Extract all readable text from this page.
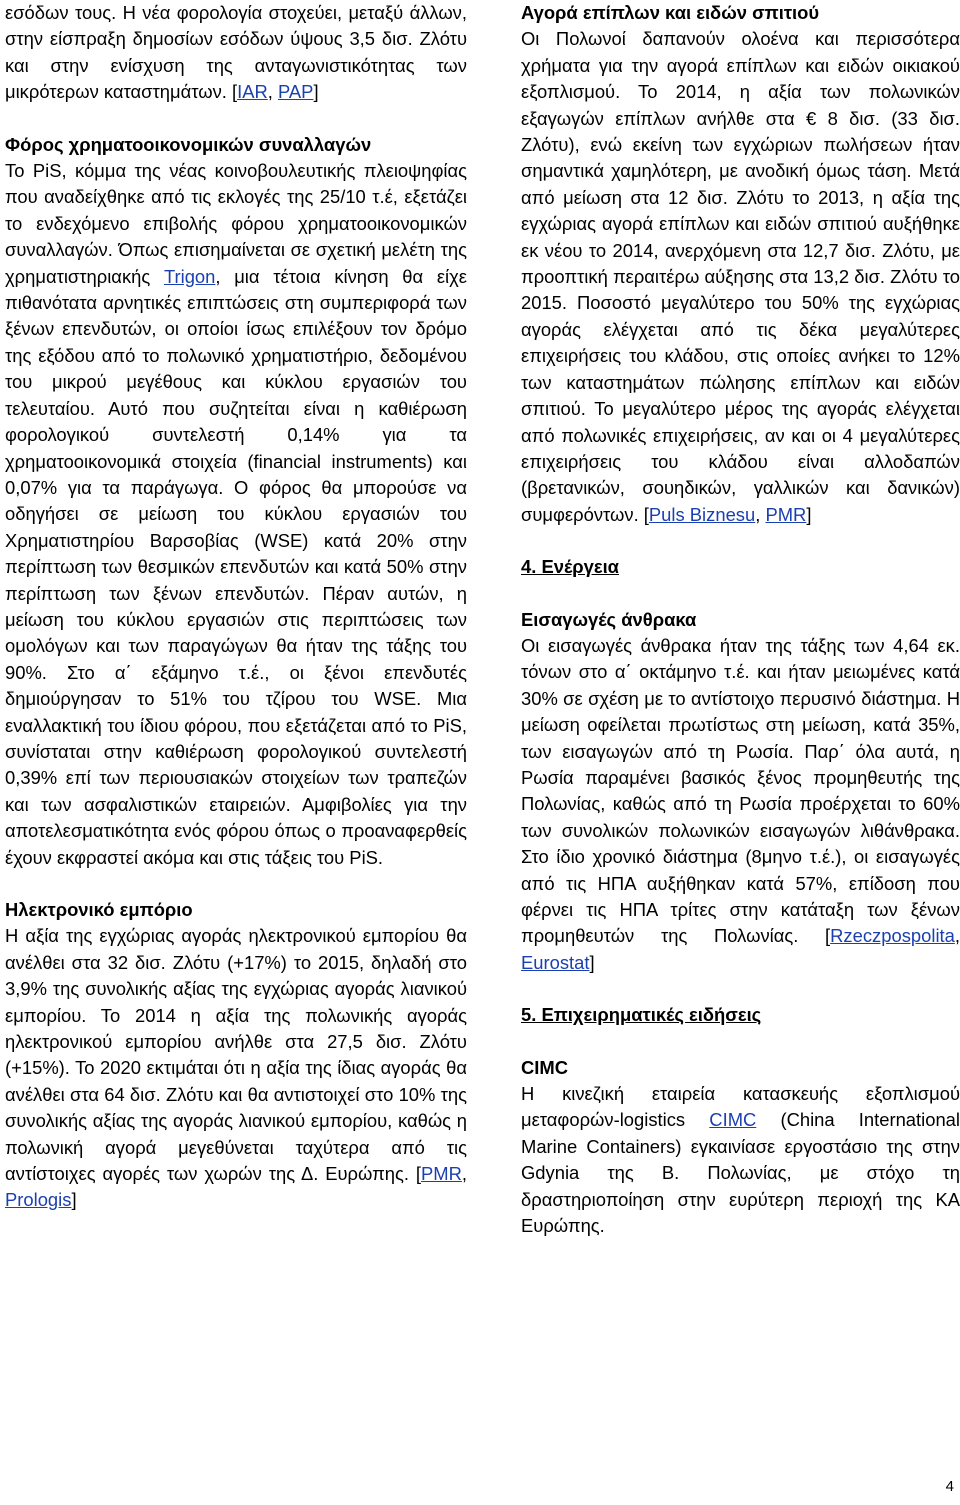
εσόδων τους. Η νέα φορολογία στοχεύει, μεταξύ άλλων, στην είσπραξη δημοσίων εσόδων ύψους 3,5 δισ. Ζλότυ και στην ενίσχυση της ανταγωνιστικότητας των μικρότερων καταστημάτων. [IAR, PAP]

Φόρος χρηματοοικονομικών συναλλαγών

Το PiS, κόμμα της νέας κοινοβουλευτικής πλειοψηφίας που αναδείχθηκε από τις εκλογές της 25/10 τ.έ, εξετάζει το ενδεχόμενο επιβολής φόρου χρηματοοικονομικών συναλλαγών. Όπως επισημαίνεται σε σχετική μελέτη της χρηματιστηριακής Trigon, μια τέτοια κίνηση θα είχε πιθανότατα αρνητικές επιπτώσεις στη συμπεριφορά των ξένων επενδυτών, οι οποίοι ίσως επιλέξουν τον δρόμο της εξόδου από το πολωνικό χρηματιστήριο, δεδομένου του μικρού μεγέθους και κύκλου εργασιών του τελευταίου. Αυτό που συζητείται είναι η καθιέρωση φορολογικού συντελεστή 0,14% για τα χρηματοοικονομικά στοιχεία (financial instruments) και 0,07% για τα παράγωγα. Ο φόρος θα μπορούσε να οδηγήσει σε μείωση του κύκλου εργασιών του Χρηματιστηρίου Βαρσοβίας (WSE) κατά 20% στην περίπτωση των θεσμικών επενδυτών και κατά 50% στην περίπτωση των ξένων επενδυτών. Πέραν αυτών, η μείωση του κύκλου εργασιών στις περιπτώσεις των ομολόγων και των παραγώγων θα ήταν της τάξης του 90%. Στο α΄ εξάμηνο τ.έ., οι ξένοι επενδυτές δημιούργησαν το 51% του τζίρου του WSE. Μια εναλλακτική του ίδιου φόρου, που εξετάζεται από το PiS, συνίσταται στην καθιέρωση φορολογικού συντελεστή 0,39% επί των περιουσιακών στοιχείων των τραπεζών και των ασφαλιστικών εταιρειών. Αμφιβολίες για την αποτελεσματικότητα ενός φόρου όπως ο προαναφερθείς έχουν εκφραστεί ακόμα και στις τάξεις του PiS.

Ηλεκτρονικό εμπόριο

Η αξία της εγχώριας αγοράς ηλεκτρονικού εμπορίου θα ανέλθει στα 32 δισ. Ζλότυ (+17%) το 2015, δηλαδή στο 3,9% της συνολικής αξίας της εγχώριας αγοράς λιανικού εμπορίου. Το 2014 η αξία της πολωνικής αγοράς ηλεκτρονικού εμπορίου ανήλθε στα 27,5 δισ. Ζλότυ (+15%). Το 2020 εκτιμάται ότι η αξία της ίδιας αγοράς θα ανέλθει στα 64 δισ. Ζλότυ και θα αντιστοιχεί στο 10% της συνολικής αξίας της αγοράς λιανικού εμπορίου, καθώς η πολωνική αγορά μεγεθύνεται ταχύτερα από τις αντίστοιχες αγορές των χωρών της Δ. Ευρώπης. [PMR, Prologis]

Αγορά επίπλων και ειδών σπιτιού

Οι Πολωνοί δαπανούν ολοένα και περισσότερα χρήματα για την αγορά επίπλων και ειδών οικιακού εξοπλισμού. Το 2014, η αξία των πολωνικών εξαγωγών επίπλων ανήλθε στα € 8 δισ. (33 δισ. Ζλότυ), ενώ εκείνη των εγχώριων πωλήσεων ήταν σημαντικά χαμηλότερη, με ανοδική όμως τάση. Μετά από μείωση στα 12 δισ. Ζλότυ το 2013, η αξία της εγχώριας αγορά επίπλων και ειδών σπιτιού αυξήθηκε εκ νέου το 2014, ανερχόμενη στα 12,7 δισ. Ζλότυ, με προοπτική περαιτέρω αύξησης στα 13,2 δισ. Ζλότυ το 2015. Ποσοστό μεγαλύτερο του 50% της εγχώριας αγοράς ελέγχεται από τις δέκα μεγαλύτερες επιχειρήσεις του κλάδου, στις οποίες ανήκει το 12% των καταστημάτων πώλησης επίπλων και ειδών σπιτιού. Το μεγαλύτερο μέρος της αγοράς ελέγχεται από πολωνικές επιχειρήσεις, αν και οι 4 μεγαλύτερες επιχειρήσεις του κλάδου είναι αλλοδαπών (βρετανικών, σουηδικών, γαλλικών και δανικών) συμφερόντων. [Puls Biznesu, PMR]

4. Ενέργεια
Εισαγωγές άνθρακα

Οι εισαγωγές άνθρακα ήταν της τάξης των 4,64 εκ. τόνων στο α΄ οκτάμηνο τ.έ. και ήταν μειωμένες κατά 30% σε σχέση με το αντίστοιχο περυσινό διάστημα. Η μείωση οφείλεται πρωτίστως στη μείωση, κατά 35%, των εισαγωγών από τη Ρωσία. Παρ΄ όλα αυτά, η Ρωσία παραμένει βασικός ξένος προμηθευτής της Πολωνίας, καθώς από τη Ρωσία προέρχεται το 60% των συνολικών πολωνικών εισαγωγών λιθάνθρακα. Στο ίδιο χρονικό διάστημα (8μηνο τ.έ.), οι εισαγωγές από τις ΗΠΑ αυξήθηκαν κατά 57%, επίδοση που φέρνει τις ΗΠΑ τρίτες στην κατάταξη των ξένων προμηθευτών της Πολωνίας. [Rzeczpospolita, Eurostat]

5. Επιχειρηματικές ειδήσεις
CIMC

Η κινεζική εταιρεία κατασκευής εξοπλισμού μεταφορών-logistics CIMC (China International Marine Containers) εγκαινίασε εργοστάσιο της στην Gdynia της Β. Πολωνίας, με στόχο τη δραστηριοποίηση στην ευρύτερη περιοχή της ΚΑ Ευρώπης.

4
